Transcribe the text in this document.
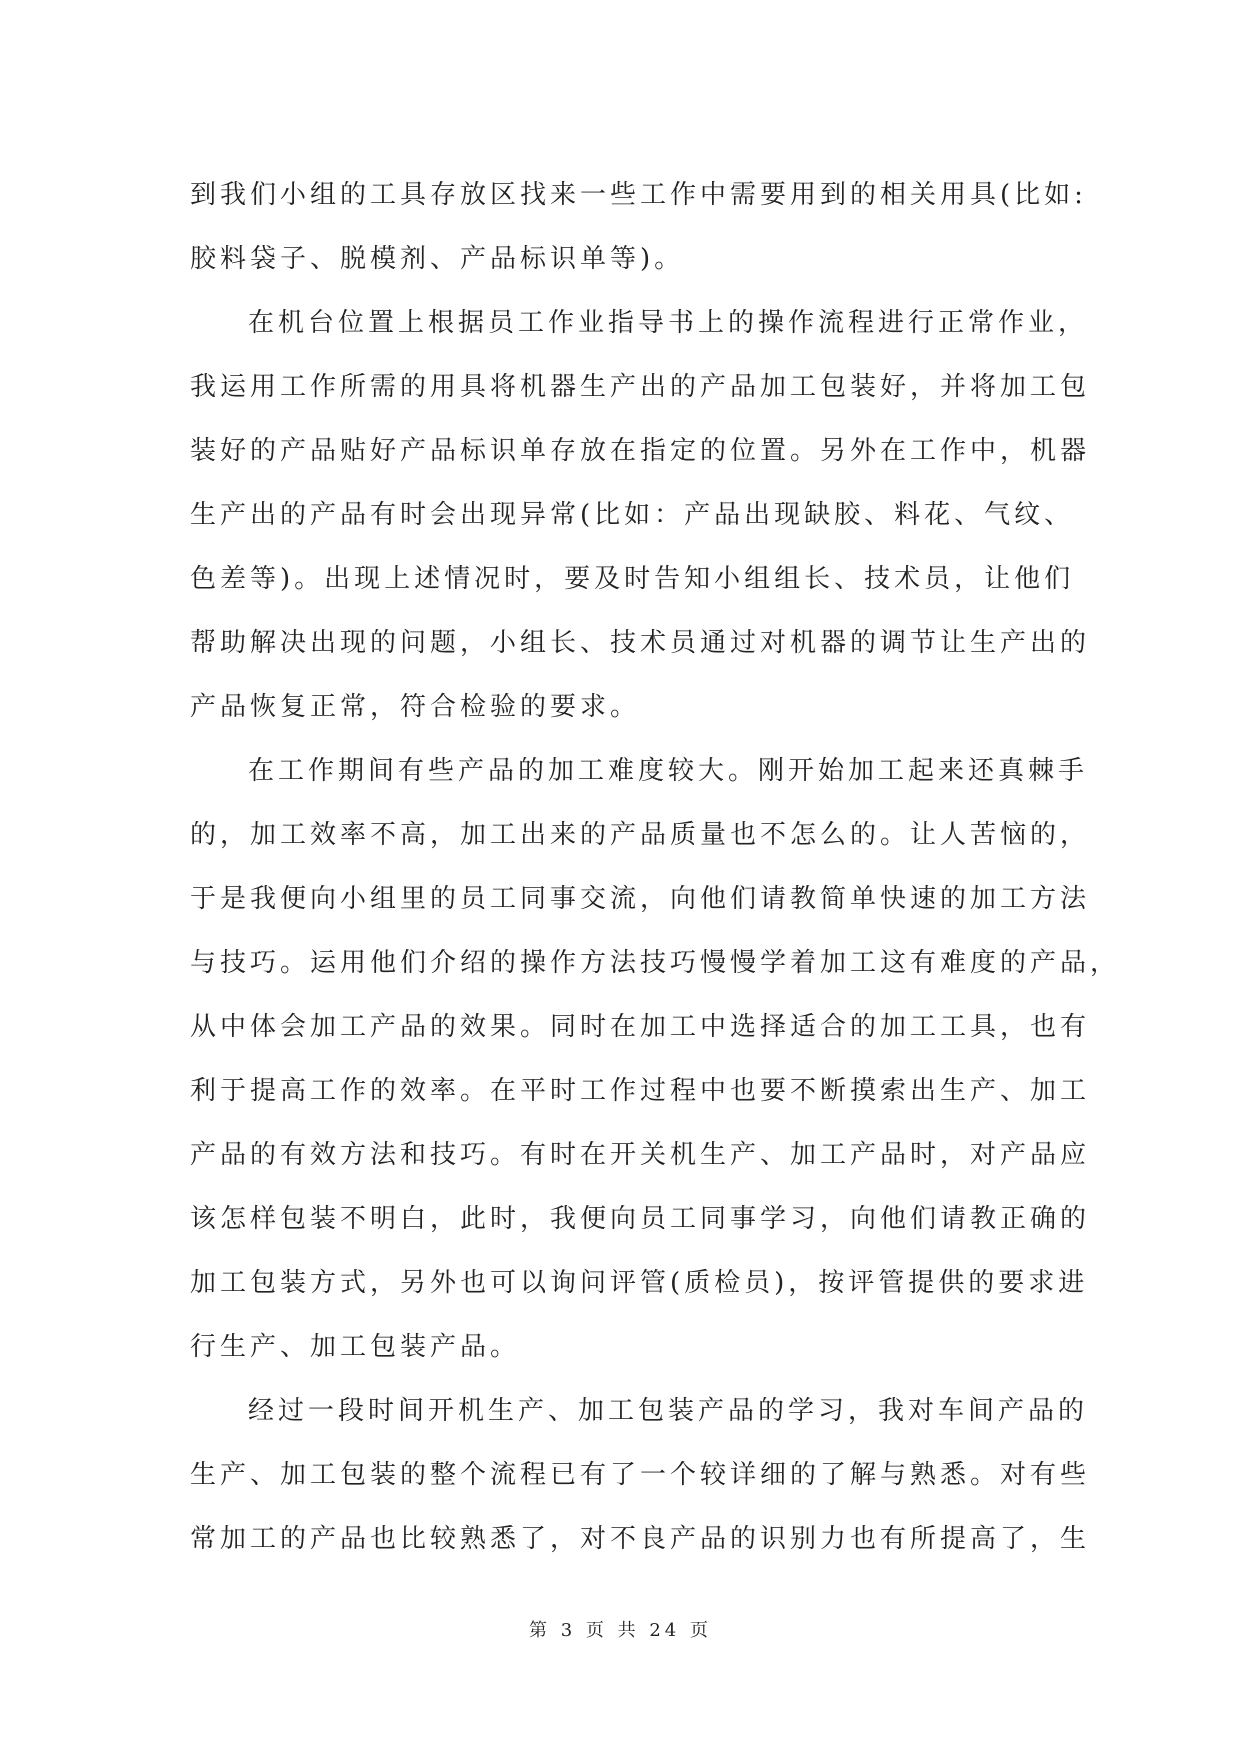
到我们小组的工具存放区找来一些工作中需要用到的相关用具(比如:
胶料袋子、脱模剂、产品标识单等)。
在机台位置上根据员工作业指导书上的操作流程进行正常作业，
我运用工作所需的用具将机器生产出的产品加工包装好，并将加工包
装好的产品贴好产品标识单存放在指定的位置。另外在工作中，机器
生产出的产品有时会出现异常(比如：产品出现缺胶、料花、气纹、
色差等)。出现上述情况时，要及时告知小组组长、技术员，让他们
帮助解决出现的问题，小组长、技术员通过对机器的调节让生产出的
产品恢复正常，符合检验的要求。
在工作期间有些产品的加工难度较大。刚开始加工起来还真棘手
的，加工效率不高，加工出来的产品质量也不怎么的。让人苦恼的，
于是我便向小组里的员工同事交流，向他们请教简单快速的加工方法
与技巧。运用他们介绍的操作方法技巧慢慢学着加工这有难度的产品，
从中体会加工产品的效果。同时在加工中选择适合的加工工具，也有
利于提高工作的效率。在平时工作过程中也要不断摸索出生产、加工
产品的有效方法和技巧。有时在开关机生产、加工产品时，对产品应
该怎样包装不明白，此时，我便向员工同事学习，向他们请教正确的
加工包装方式，另外也可以询问评管(质检员)，按评管提供的要求进
行生产、加工包装产品。
经过一段时间开机生产、加工包装产品的学习，我对车间产品的
生产、加工包装的整个流程已有了一个较详细的了解与熟悉。对有些
常加工的产品也比较熟悉了，对不良产品的识别力也有所提高了，生
第 3 页 共 24 页
